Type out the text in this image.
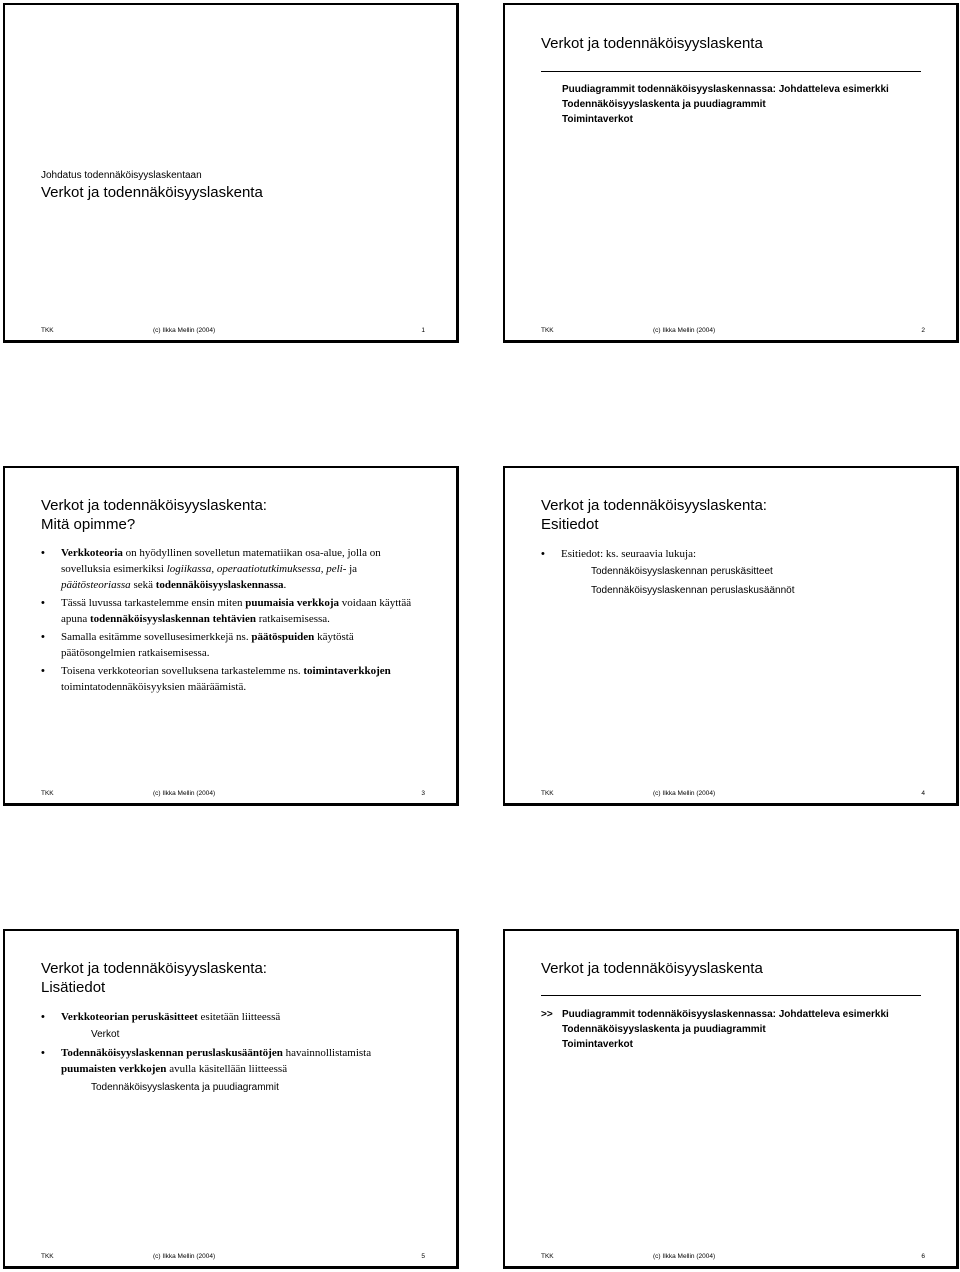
Johdatus todennäköisyyslaskentaan
Verkot ja todennäköisyyslaskenta
TKK	(c) Ilkka Mellin (2004)	1
Verkot ja todennäköisyyslaskenta
Puudiagrammit todennäköisyyslaskennassa: Johdatteleva esimerkki
Todennäköisyyslaskenta ja puudiagrammit
Toimintaverkot
TKK	(c) Ilkka Mellin (2004)	2
Verkot ja todennäköisyyslaskenta:
Mitä opimme?
• Verkkoteoria on hyödyllinen sovelletun matematiikan osa-alue, jolla on sovelluksia esimerkiksi logiikassa, operaatiotutkimuksessa, peli- ja päätösteoriassa sekä todennäköisyyslaskennassa.
• Tässä luvussa tarkastelemme ensin miten puumaisia verkkoja voidaan käyttää apuna todennäköisyyslaskennan tehtävien ratkaisemisessa.
• Samalla esitämme sovellusesimerkkejä ns. päätöspuiden käytöstä päätösongelmien ratkaisemisessa.
• Toisena verkkoteorian sovelluksena tarkastelemme ns. toimintaverkkojen toimintatodennäköisyyksien määräämistä.
TKK	(c) Ilkka Mellin (2004)	3
Verkot ja todennäköisyyslaskenta:
Esitiedot
• Esitiedot: ks. seuraavia lukuja:
Todennäköisyyslaskennan peruskäsitteet
Todennäköisyyslaskennan peruslaskusäännöt
TKK	(c) Ilkka Mellin (2004)	4
Verkot ja todennäköisyyslaskenta:
Lisätiedot
• Verkkoteorian peruskäsitteet esitetään liitteessä
Verkot
• Todennäköisyyslaskennan peruslaskusääntöjen havainnollistamista puumaisten verkkojen avulla käsitellään liitteessä
Todennäköisyyslaskenta ja puudiagrammit
TKK	(c) Ilkka Mellin (2004)	5
Verkot ja todennäköisyyslaskenta
>> Puudiagrammit todennäköisyyslaskennassa: Johdatteleva esimerkki
Todennäköisyyslaskenta ja puudiagrammit
Toimintaverkot
TKK	(c) Ilkka Mellin (2004)	6
